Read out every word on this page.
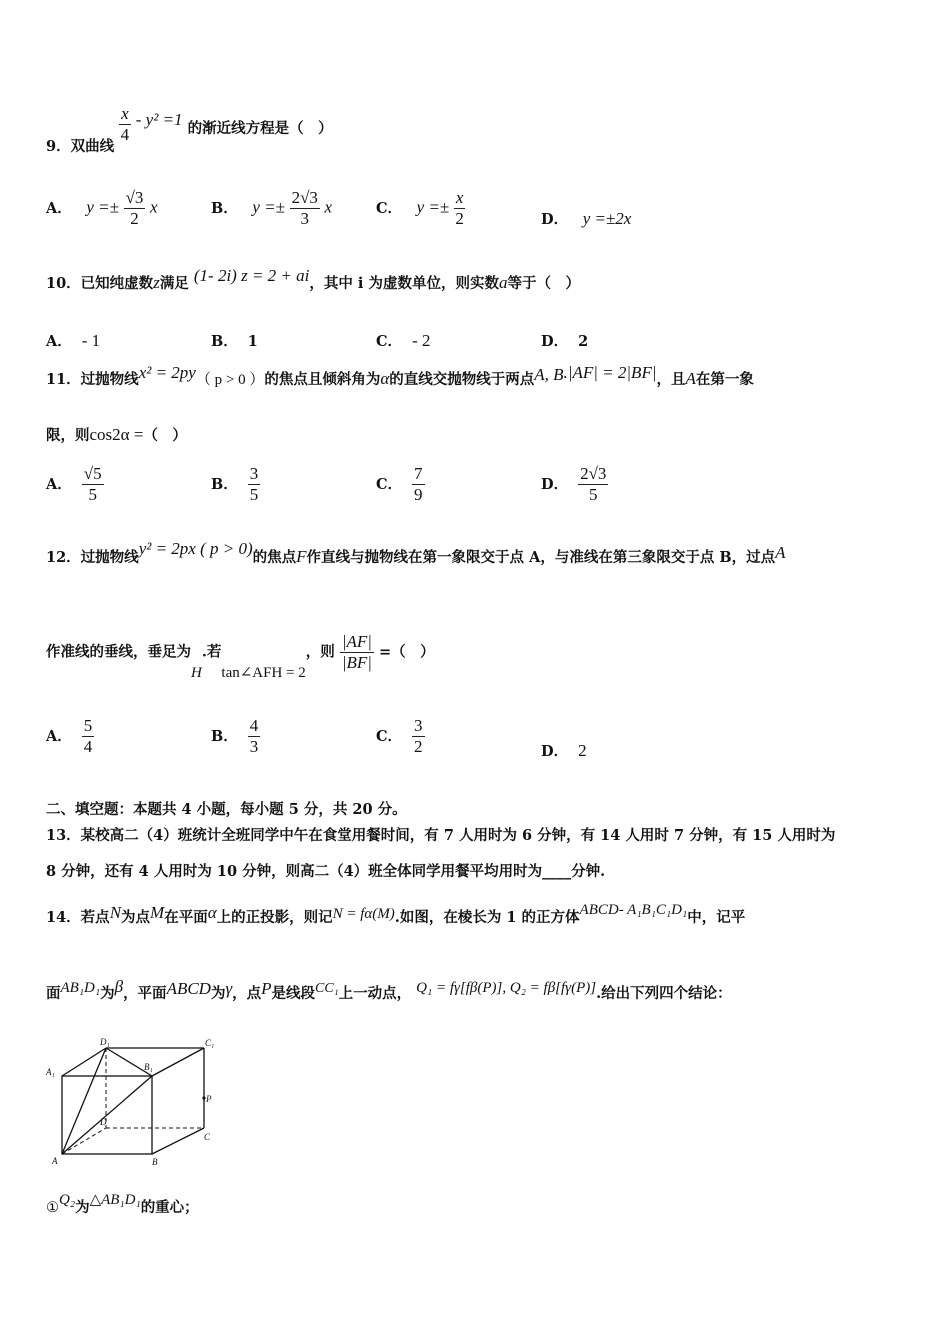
9．双曲线
$\frac{x}{4} - y^2 =1$ 的渐近线方程是（　）
A． $y =\pm \frac{√3}{2}$ x	B． $y =\pm \frac{2√3}{3}$ x	C． $y =\pm \frac{x}{2}$	D． y =±2x
10．已知纯虚数z满足 (1- 2i) z = 2 + ai，其中 i 为虚数单位，则实数a等于（　）
A． - 1	B． 1	C． - 2	D． 2
11．过抛物线x² = 2py（ p > 0 ）的焦点且倾斜角为α的直线交抛物线于两点A, B.|AF| = 2|BF|，且A在第一象
限，则cos2α =（　）
A． $\frac{√5}{5}$	B． $\frac{3}{5}$	C． $\frac{7}{9}$	D． $\frac{2√3}{5}$
12．过抛物线y² = 2px ( p > 0)的焦点F作直线与抛物线在第一象限交于点 A，与准线在第三象限交于点 B，过点A
作准线的垂线，垂足为H.若tan∠AFH = 2，则 $\frac{|AF|}{|BF|}$ =（　）
A． $\frac{5}{4}$	B． $\frac{4}{3}$	C． $\frac{3}{2}$	D． 2
二、填空题：本题共 4 小题，每小题 5 分，共 20 分。
13．某校高二（4）班统计全班同学中午在食堂用餐时间，有 7 人用时为 6 分钟，有 14 人用时 7 分钟，有 15 人用时为
8 分钟，还有 4 人用时为 10 分钟，则高二（4）班全体同学用餐平均用时为____分钟.
14．若点N为点M在平面α上的正投影，则记N = fα(M).如图，在棱长为 1 的正方体ABCD- A₁B₁C₁D₁中，记平
面AB₁D₁为β，平面ABCD为γ，点P是线段CC₁上一动点， Q₁ = fγ[fβ(P)], Q₂ = fβ[fγ(P)].给出下列四个结论：
D₁	C₁
A₁	B₁
P
D
C
A	B
①Q₂为△AB₁D₁的重心；
